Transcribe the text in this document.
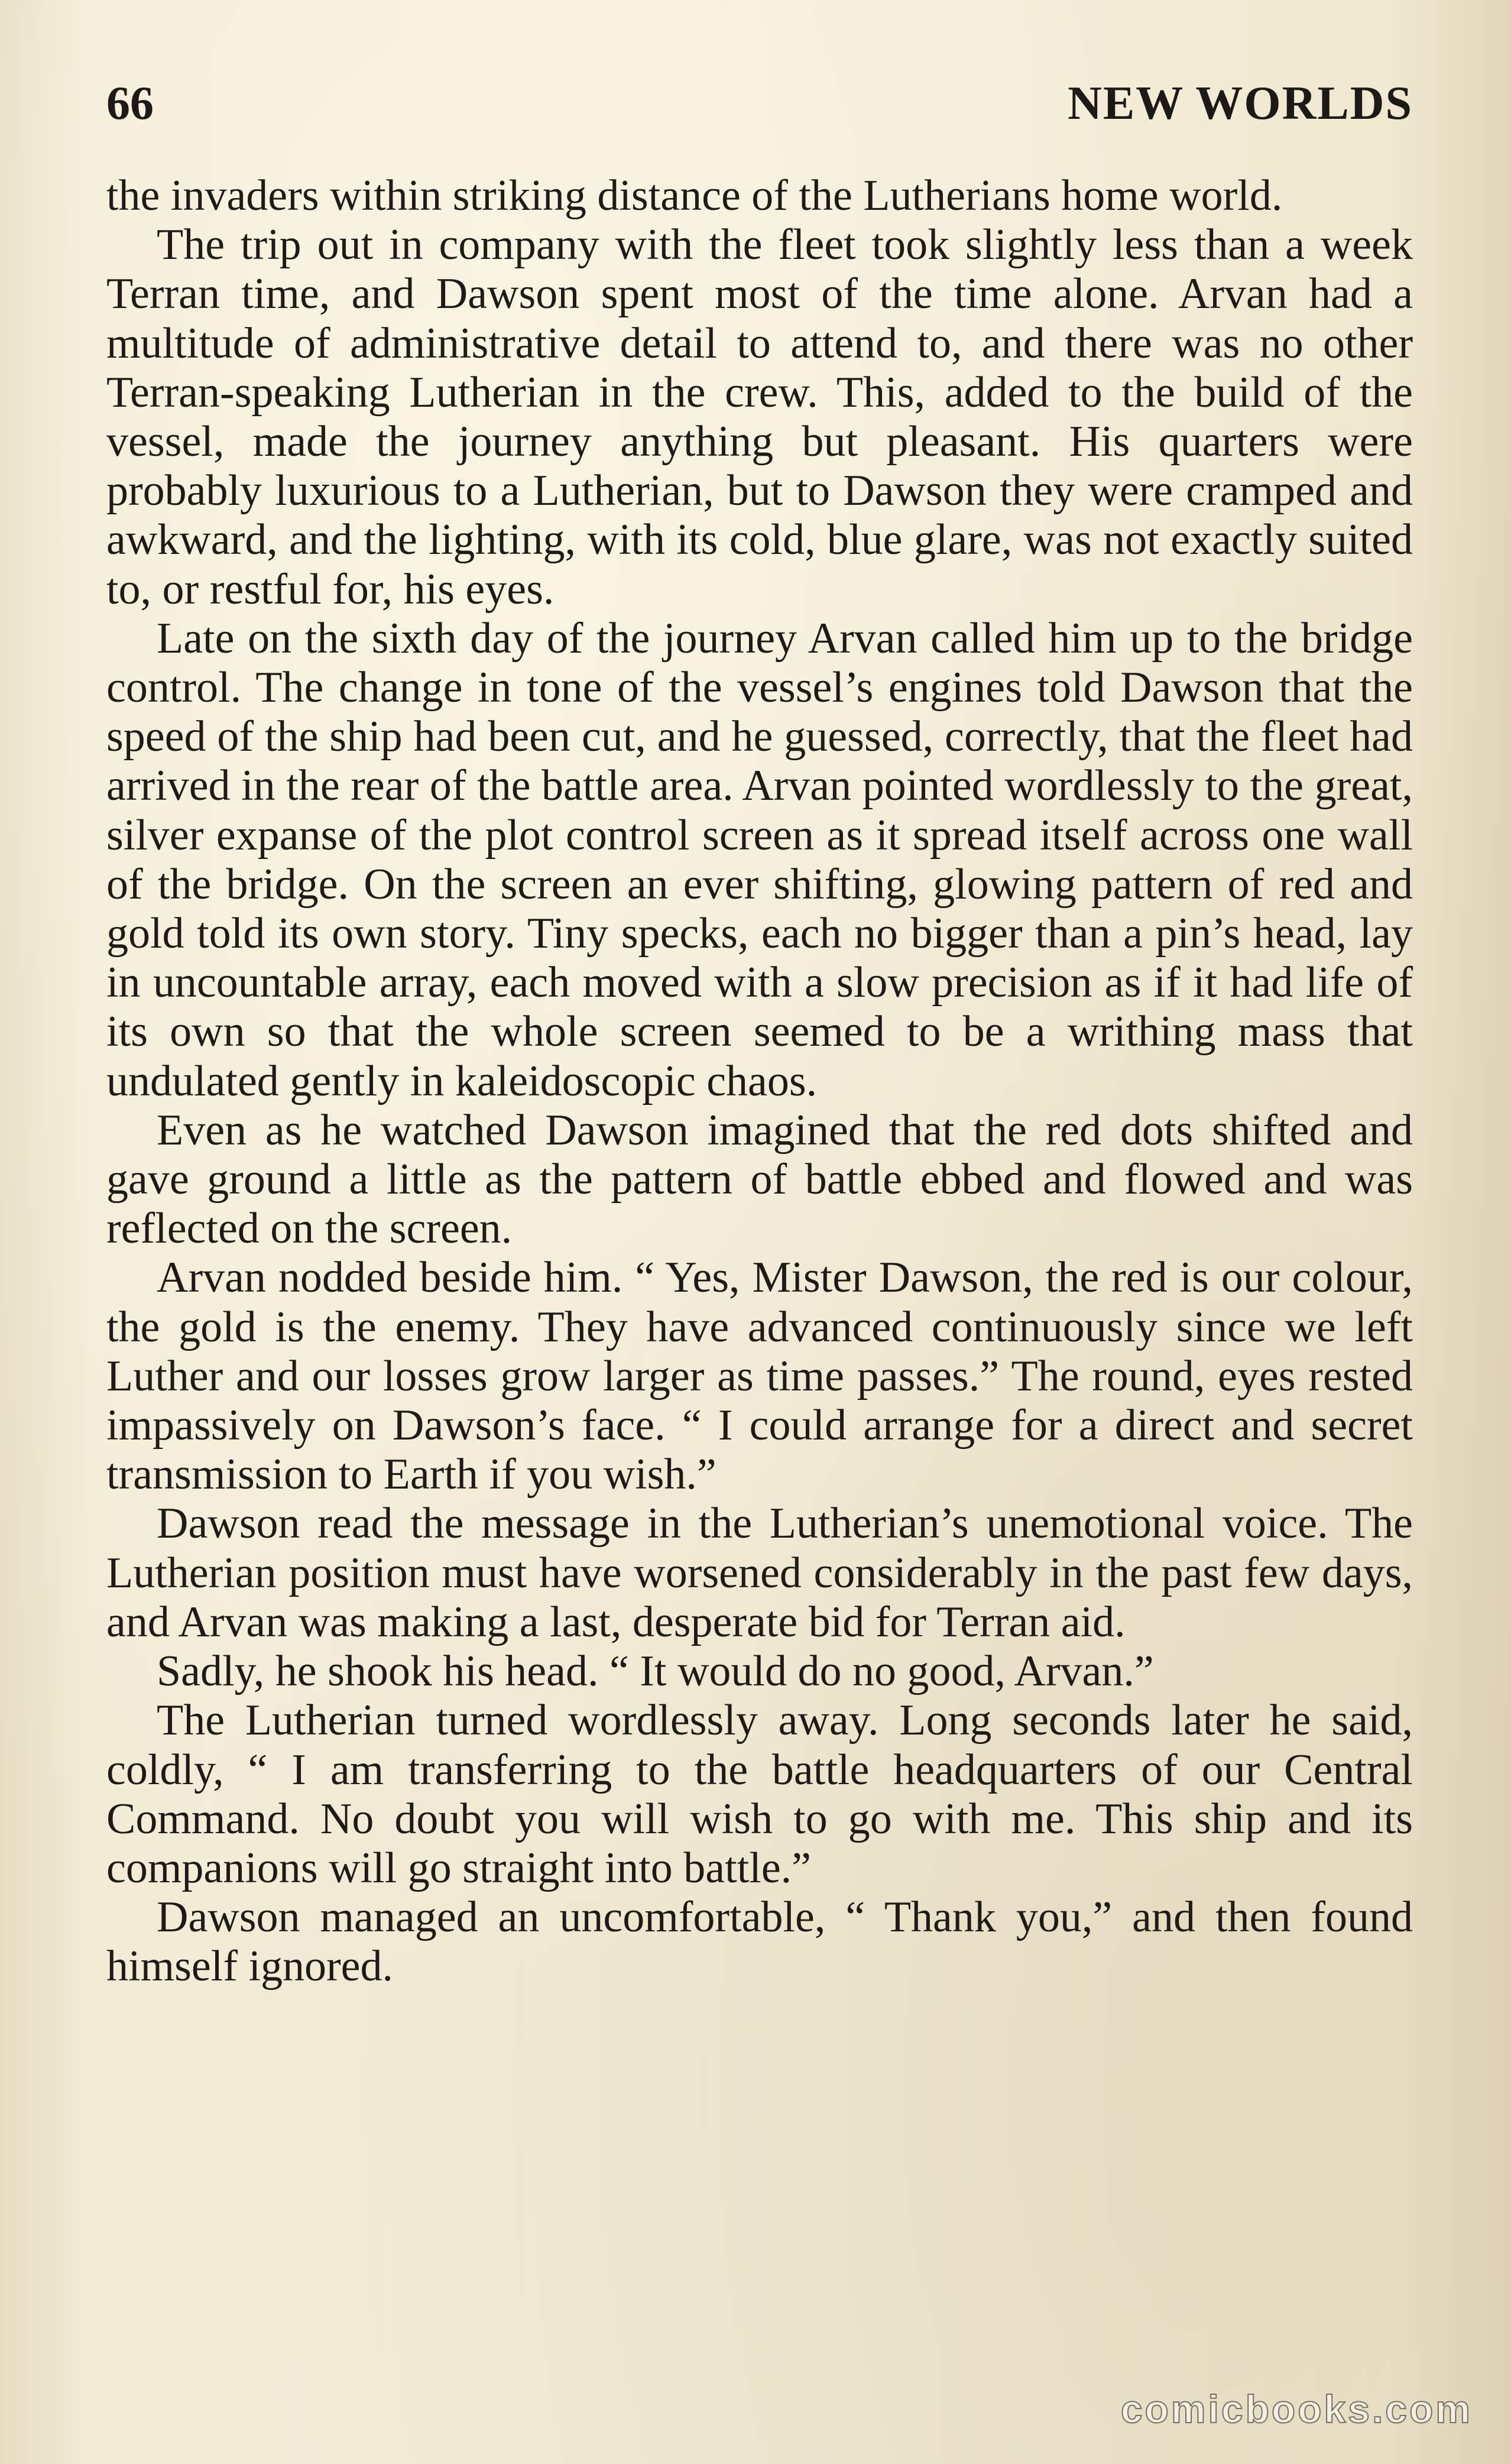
66	NEW WORLDS

the invaders within striking distance of the Lutherians home world.

The trip out in company with the fleet took slightly less than a week Terran time, and Dawson spent most of the time alone. Arvan had a multitude of administrative detail to attend to, and there was no other Terran-speaking Lutherian in the crew. This, added to the build of the vessel, made the journey anything but pleasant. His quarters were probably luxurious to a Lutherian, but to Dawson they were cramped and awkward, and the lighting, with its cold, blue glare, was not exactly suited to, or restful for, his eyes.

Late on the sixth day of the journey Arvan called him up to the bridge control. The change in tone of the vessel’s engines told Dawson that the speed of the ship had been cut, and he guessed, correctly, that the fleet had arrived in the rear of the battle area. Arvan pointed wordlessly to the great, silver expanse of the plot control screen as it spread itself across one wall of the bridge. On the screen an ever shifting, glowing pattern of red and gold told its own story. Tiny specks, each no bigger than a pin’s head, lay in uncountable array, each moved with a slow precision as if it had life of its own so that the whole screen seemed to be a writhing mass that undulated gently in kaleidoscopic chaos.

Even as he watched Dawson imagined that the red dots shifted and gave ground a little as the pattern of battle ebbed and flowed and was reflected on the screen.

Arvan nodded beside him. “ Yes, Mister Dawson, the red is our colour, the gold is the enemy. They have advanced continuously since we left Luther and our losses grow larger as time passes.” The round, eyes rested impassively on Dawson’s face. “ I could arrange for a direct and secret transmission to Earth if you wish.”

Dawson read the message in the Lutherian’s unemotional voice. The Lutherian position must have worsened considerably in the past few days, and Arvan was making a last, desperate bid for Terran aid.

Sadly, he shook his head. “ It would do no good, Arvan.”

The Lutherian turned wordlessly away. Long seconds later he said, coldly, “ I am transferring to the battle headquarters of our Central Command. No doubt you will wish to go with me. This ship and its companions will go straight into battle.”

Dawson managed an uncomfortable, “ Thank you,” and then found himself ignored.

comicbooks.com
